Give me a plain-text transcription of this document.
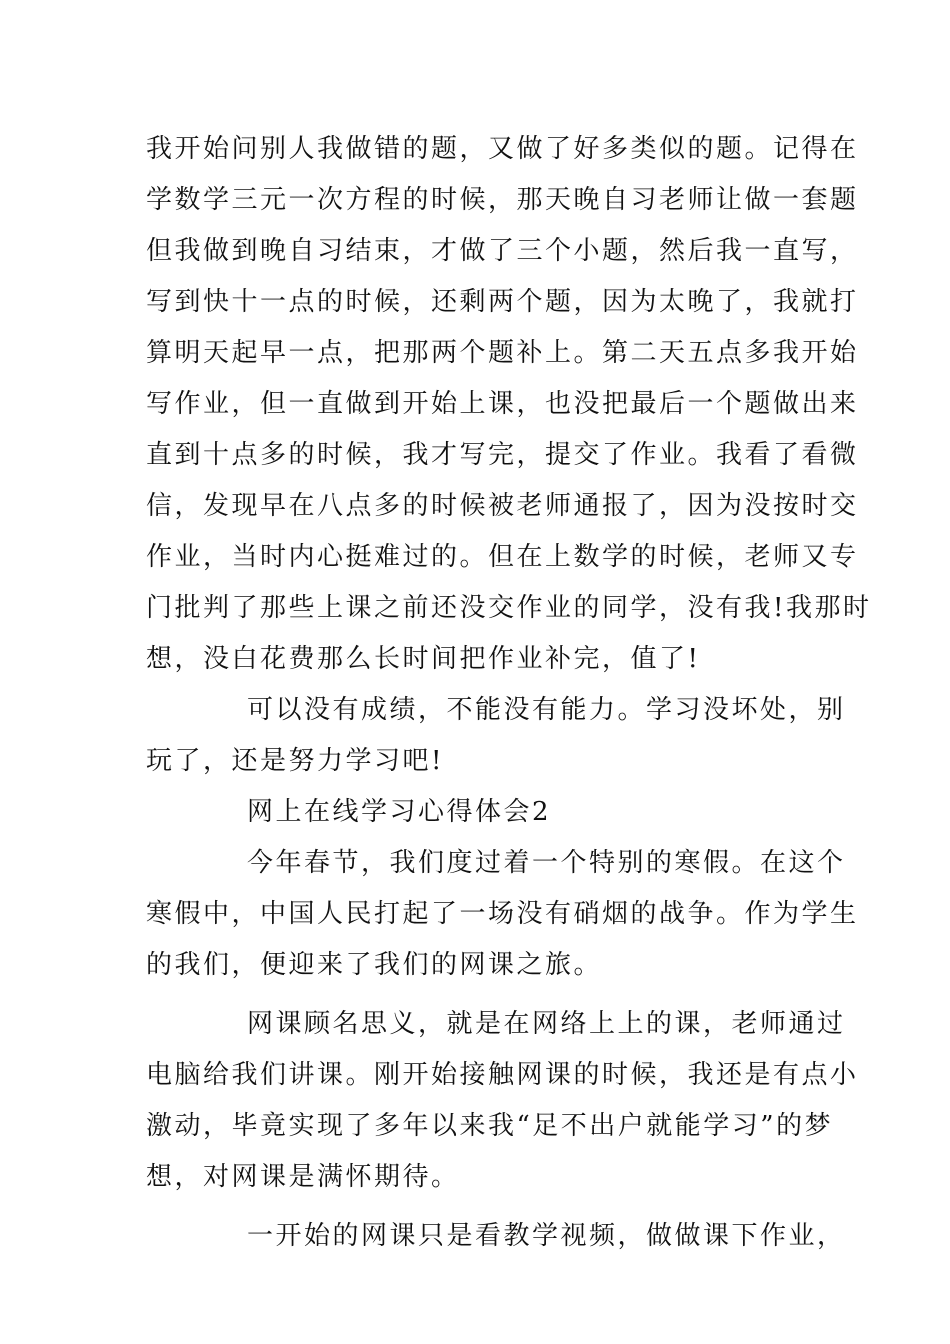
我开始问别人我做错的题，又做了好多类似的题。记得在
学数学三元一次方程的时候，那天晚自习老师让做一套题
但我做到晚自习结束，才做了三个小题，然后我一直写，
写到快十一点的时候，还剩两个题，因为太晚了，我就打
算明天起早一点，把那两个题补上。第二天五点多我开始
写作业，但一直做到开始上课，也没把最后一个题做出来
直到十点多的时候，我才写完，提交了作业。我看了看微
信，发现早在八点多的时候被老师通报了，因为没按时交
作业，当时内心挺难过的。但在上数学的时候，老师又专
门批判了那些上课之前还没交作业的同学，没有我!我那时
想，没白花费那么长时间把作业补完，值了!
可以没有成绩，不能没有能力。学习没坏处，别
玩了，还是努力学习吧!
网上在线学习心得体会2
今年春节，我们度过着一个特别的寒假。在这个
寒假中，中国人民打起了一场没有硝烟的战争。作为学生
的我们，便迎来了我们的网课之旅。
网课顾名思义，就是在网络上上的课，老师通过
电脑给我们讲课。刚开始接触网课的时候，我还是有点小
激动，毕竟实现了多年以来我“足不出户就能学习”的梦
想，对网课是满怀期待。
一开始的网课只是看教学视频，做做课下作业，
